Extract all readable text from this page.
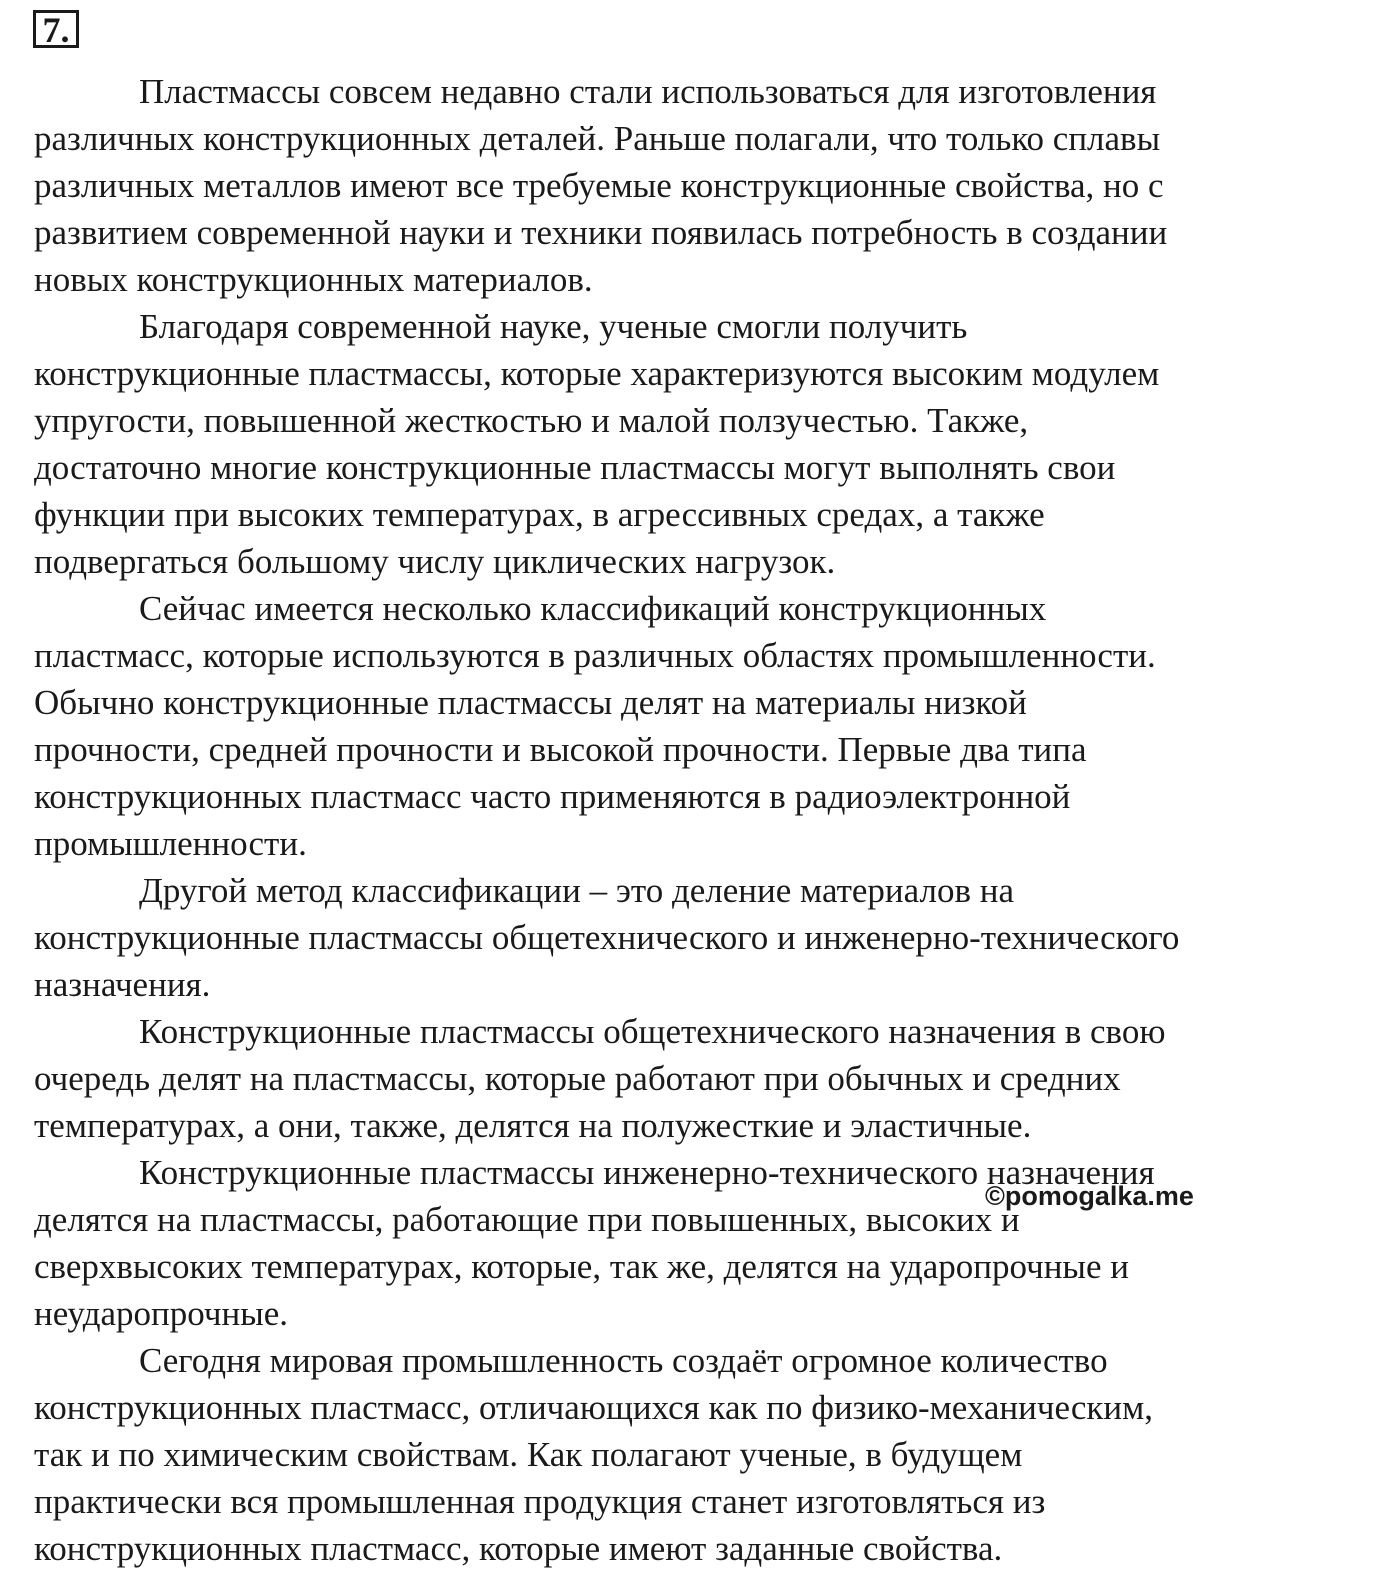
7.

Пластмассы совсем недавно стали использоваться для изготовления
различных конструкционных деталей. Раньше полагали, что только сплавы
различных металлов имеют все требуемые конструкционные свойства, но с
развитием современной науки и техники появилась потребность в создании
новых конструкционных материалов.

Благодаря современной науке, ученые смогли получить
конструкционные пластмассы, которые характеризуются высоким модулем
упругости, повышенной жесткостью и малой ползучестью. Также,
достаточно многие конструкционные пластмассы могут выполнять свои
функции при высоких температурах, в агрессивных средах, а также
подвергаться большому числу циклических нагрузок.

Сейчас имеется несколько классификаций конструкционных
пластмасс, которые используются в различных областях промышленности.
Обычно конструкционные пластмассы делят на материалы низкой
прочности, средней прочности и высокой прочности. Первые два типа
конструкционных пластмасс часто применяются в радиоэлектронной
промышленности.

Другой метод классификации – это деление материалов на
конструкционные пластмассы общетехнического и инженерно-технического
назначения.

Конструкционные пластмассы общетехнического назначения в свою
очередь делят на пластмассы, которые работают при обычных и средних
температурах, а они, также, делятся на полужесткие и эластичные.

Конструкционные пластмассы инженерно-технического назначения
делятся на пластмассы, работающие при повышенных, высоких и
сверхвысоких температурах, которые, так же, делятся на ударопрочные и
неударопрочные.

Сегодня мировая промышленность создаёт огромное количество
конструкционных пластмасс, отличающихся как по физико-механическим,
так и по химическим свойствам. Как полагают ученые, в будущем
практически вся промышленная продукция станет изготовляться из
конструкционных пластмасс, которые имеют заданные свойства.

©pomogalka.me
